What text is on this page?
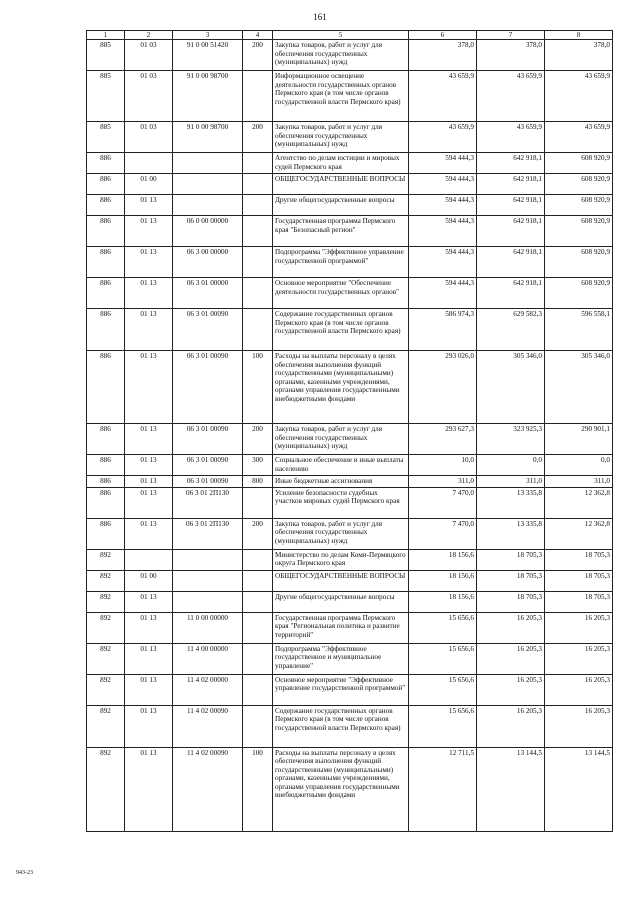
161
1	2	3	4	5	6	7	8
885	01 03	91 0 00 51420	200	Закупка товаров, работ и услуг для обеспечения государственных (муниципальных) нужд	378,0	378,0	378,0
885	01 03	91 0 00 98700		Информационное освещение деятельности государственных органов Пермского края (в том числе органов государственной власти Пермского края)	43 659,9	43 659,9	43 659,9
885	01 03	91 0 00 98700	200	Закупка товаров, работ и услуг для обеспечения государственных (муниципальных) нужд	43 659,9	43 659,9	43 659,9
886				Агентство по делам юстиции и мировых судей Пермского края	594 444,3	642 918,1	608 920,9
886	01 00			ОБЩЕГОСУДАРСТВЕННЫЕ ВОПРОСЫ	594 444,3	642 918,1	608 920,9
886	01 13			Другие общегосударственные вопросы	594 444,3	642 918,1	608 920,9
886	01 13	06 0 00 00000		Государственная программа Пермского края "Безопасный регион"	594 444,3	642 918,1	608 920,9
886	01 13	06 3 00 00000		Подпрограмма "Эффективное управление государственной программой"	594 444,3	642 918,1	608 920,9
886	01 13	06 3 01 00000		Основное мероприятие "Обеспечение деятельности государственных органов"	594 444,3	642 918,1	608 920,9
886	01 13	06 3 01 00090		Содержание государственных органов Пермского края (в том числе органов государственной власти Пермского края)	586 974,3	629 582,3	596 558,1
886	01 13	06 3 01 00090	100	Расходы на выплаты персоналу в целях обеспечения выполнения функций государственными (муниципальными) органами, казенными учреждениями, органами управления государственными внебюджетными фондами	293 026,0	305 346,0	305 346,0
886	01 13	06 3 01 00090	200	Закупка товаров, работ и услуг для обеспечения государственных (муниципальных) нужд	293 627,3	323 925,3	290 901,1
886	01 13	06 3 01 00090	300	Социальное обеспечение и иные выплаты населению	10,0	0,0	0,0
886	01 13	06 3 01 00090	800	Иные бюджетные ассигнования	311,0	311,0	311,0
886	01 13	06 3 01 2П130		Усиление безопасности судебных участков мировых судей Пермского края	7 470,0	13 335,8	12 362,8
886	01 13	06 3 01 2П130	200	Закупка товаров, работ и услуг для обеспечения государственных (муниципальных) нужд	7 470,0	13 335,8	12 362,8
892				Министерство по делам Коми-Пермяцкого округа Пермского края	18 156,6	18 705,3	18 705,3
892	01 00			ОБЩЕГОСУДАРСТВЕННЫЕ ВОПРОСЫ	18 156,6	18 705,3	18 705,3
892	01 13			Другие общегосударственные вопросы	18 156,6	18 705,3	18 705,3
892	01 13	11 0 00 00000		Государственная программа Пермского края "Региональная политика и развитие территорий"	15 656,6	16 205,3	16 205,3
892	01 13	11 4 00 00000		Подпрограмма "Эффективное государственное и муниципальное управление"	15 656,6	16 205,3	16 205,3
892	01 13	11 4 02 00000		Основное мероприятие "Эффективное управление государственной программой"	15 656,6	16 205,3	16 205,3
892	01 13	11 4 02 00090		Содержание государственных органов Пермского края (в том числе органов государственной власти Пермского края)	15 656,6	16 205,3	16 205,3
892	01 13	11 4 02 00090	100	Расходы на выплаты персоналу в целях обеспечения выполнения функций государственными (муниципальными) органами, казенными учреждениями, органами управления государственными внебюджетными фондами	12 711,5	13 144,5	13 144,5
943-23
